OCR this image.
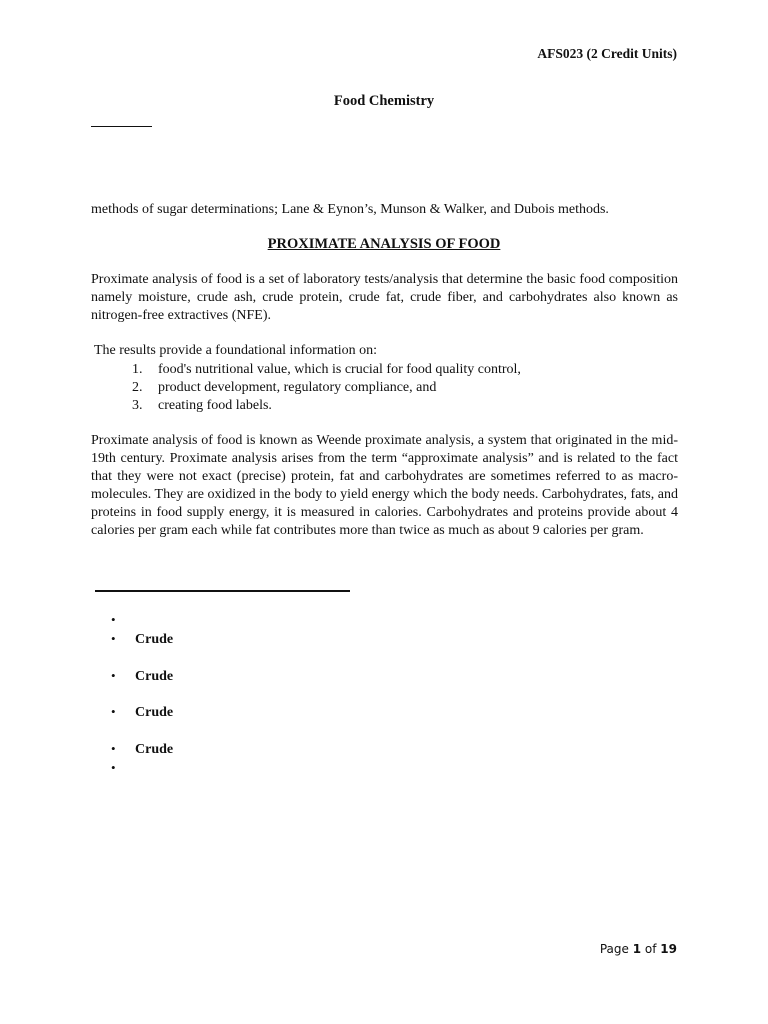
AFS023 (2 Credit Units)
Food Chemistry
methods of sugar determinations; Lane & Eynon’s, Munson & Walker, and Dubois methods.
PROXIMATE ANALYSIS OF FOOD
Proximate analysis of food is a set of laboratory tests/analysis that determine the basic food composition namely moisture, crude ash, crude protein, crude fat, crude fiber, and carbohydrates also known as nitrogen-free extractives (NFE).
The results provide a foundational information on:
1.	food's nutritional value, which is crucial for food quality control,
2.	product development, regulatory compliance, and
3.	creating food labels.
Proximate analysis of food is known as Weende proximate analysis, a system that originated in the mid-19th century. Proximate analysis arises from the term “approximate analysis” and is related to the fact that they were not exact (precise) protein, fat and carbohydrates are sometimes referred to as macro-molecules. They are oxidized in the body to yield energy which the body needs. Carbohydrates, fats, and proteins in food supply energy, it is measured in calories. Carbohydrates and proteins provide about 4 calories per gram each while fat contributes more than twice as much as about 9 calories per gram.
•
•	Crude
•	Crude
•	Crude
•	Crude
•
Page 1 of 19
